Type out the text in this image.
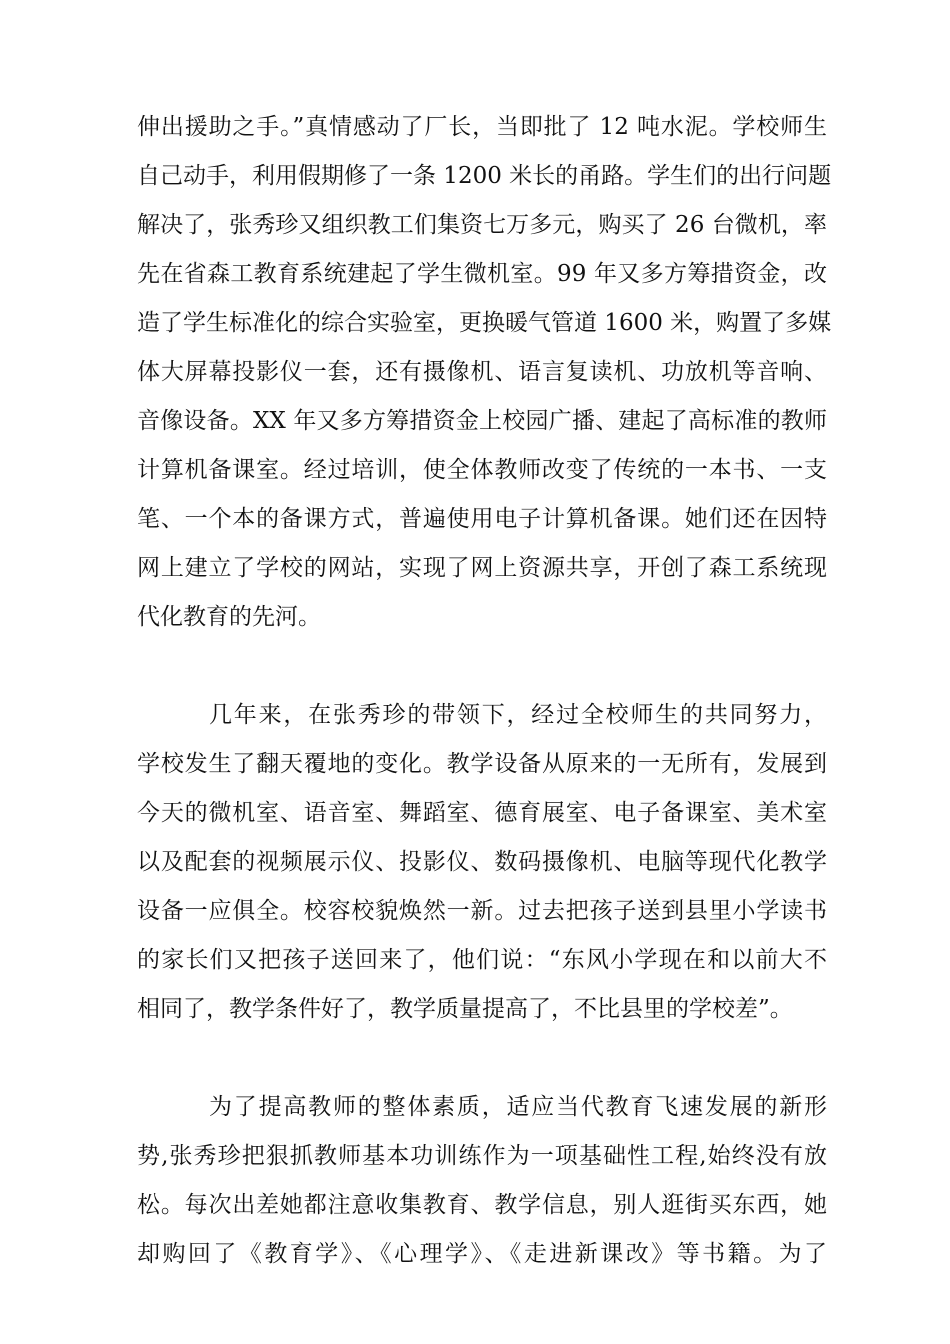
伸出援助之手。”真情感动了厂长，当即批了 12 吨水泥。学校师生
自己动手，利用假期修了一条 1200 米长的甬路。学生们的出行问题
解决了，张秀珍又组织教工们集资七万多元，购买了 26 台微机，率
先在省森工教育系统建起了学生微机室。99 年又多方筹措资金，改
造了学生标准化的综合实验室，更换暖气管道 1600 米，购置了多媒
体大屏幕投影仪一套，还有摄像机、语言复读机、功放机等音响、
音像设备。XX 年又多方筹措资金上校园广播、建起了高标准的教师
计算机备课室。经过培训，使全体教师改变了传统的一本书、一支
笔、一个本的备课方式，普遍使用电子计算机备课。她们还在因特
网上建立了学校的网站，实现了网上资源共享，开创了森工系统现
代化教育的先河。
几年来，在张秀珍的带领下，经过全校师生的共同努力，
学校发生了翻天覆地的变化。教学设备从原来的一无所有，发展到
今天的微机室、语音室、舞蹈室、德育展室、电子备课室、美术室
以及配套的视频展示仪、投影仪、数码摄像机、电脑等现代化教学
设备一应俱全。校容校貌焕然一新。过去把孩子送到县里小学读书
的家长们又把孩子送回来了，他们说：“东风小学现在和以前大不
相同了，教学条件好了，教学质量提高了，不比县里的学校差”。
为了提高教师的整体素质，适应当代教育飞速发展的新形
势,张秀珍把狠抓教师基本功训练作为一项基础性工程,始终没有放
松。每次出差她都注意收集教育、教学信息，别人逛街买东西，她
却购回了《教育学》、《心理学》、《走进新课改》等书籍。为了
